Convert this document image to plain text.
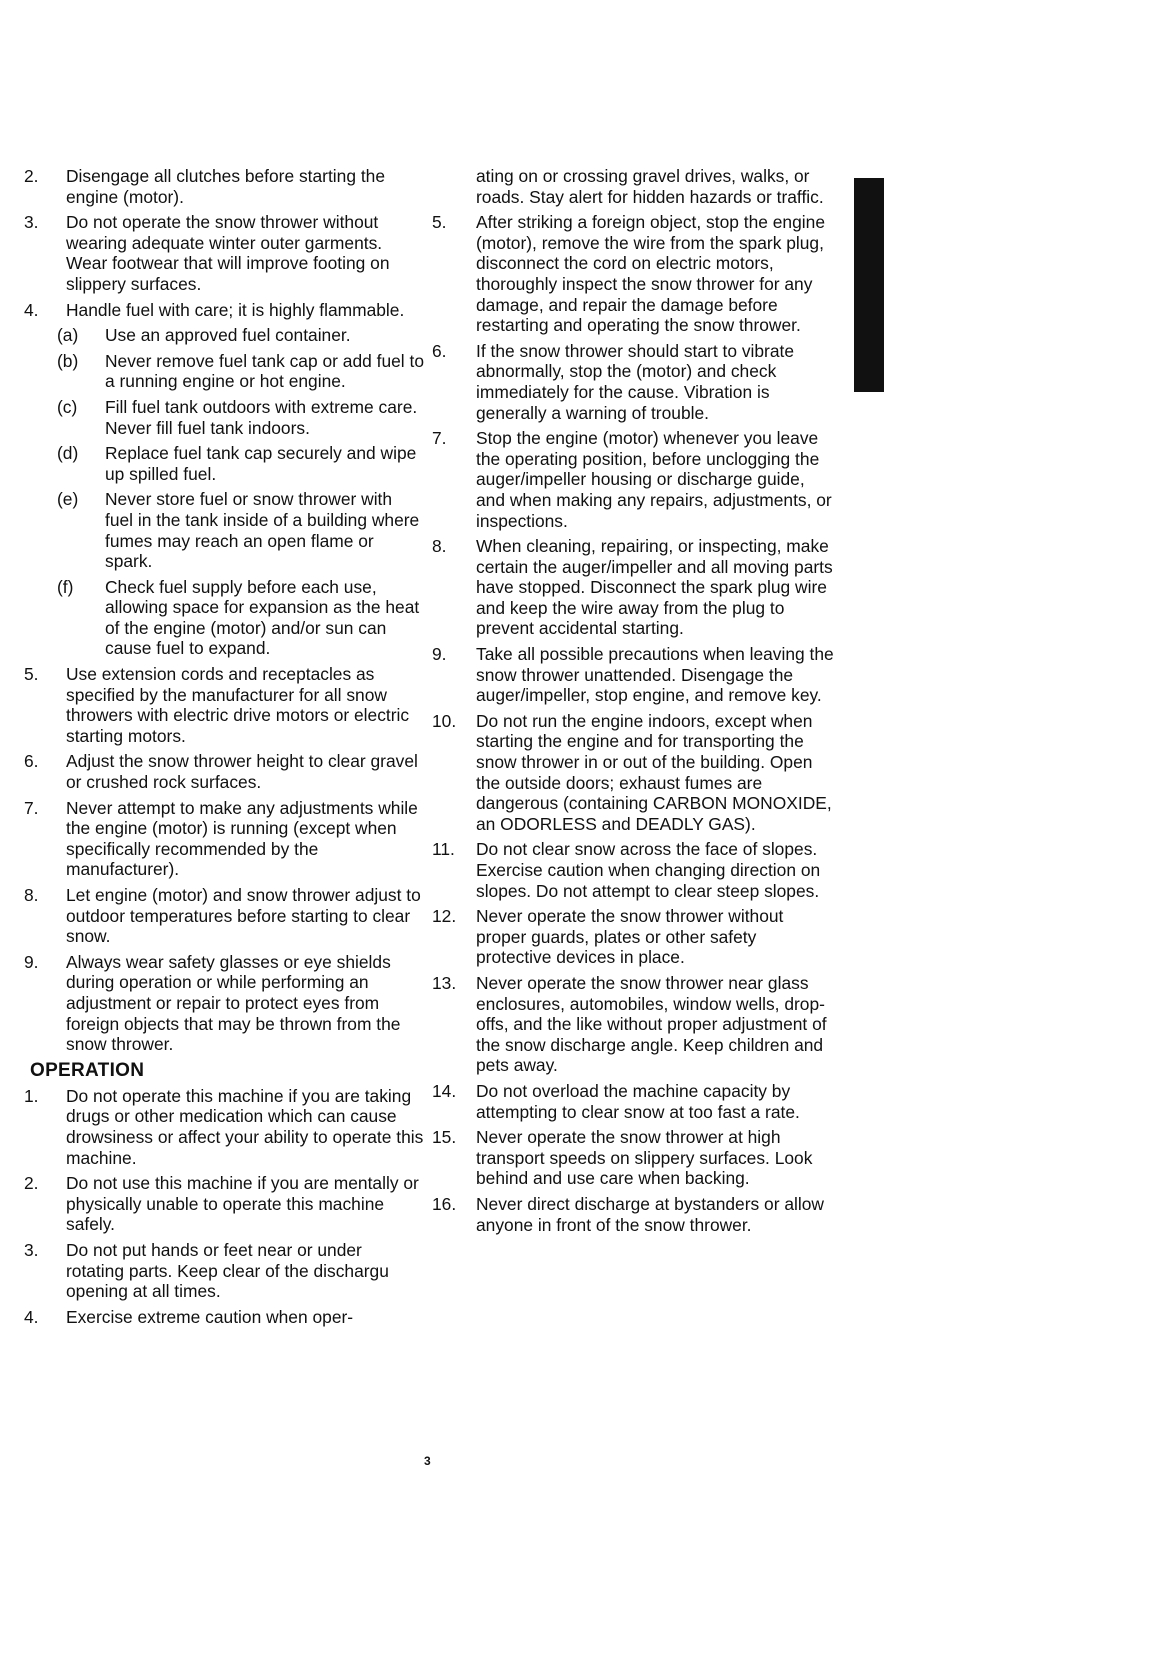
2.	Disengage all clutches before starting the engine (motor).
3.	Do not operate the snow thrower without wearing adequate winter outer garments. Wear footwear that will improve footing on slippery surfaces.
4.	Handle fuel with care; it is highly flammable.
(a)	Use an approved fuel container.
(b)	Never remove fuel tank cap or add fuel to a running engine or hot engine.
(c)	Fill fuel tank outdoors with extreme care. Never fill fuel tank indoors.
(d)	Replace fuel tank cap securely and wipe up spilled fuel.
(e)	Never store fuel or snow thrower with fuel in the tank inside of a building where fumes may reach an open flame or spark.
(f)	Check fuel supply before each use, allowing space for expansion as the heat of the engine (motor) and/or sun can cause fuel to expand.
5.	Use extension cords and receptacles as specified by the manufacturer for all snow throwers with electric drive motors or electric starting motors.
6.	Adjust the snow thrower height to clear gravel or crushed rock surfaces.
7.	Never attempt to make any adjustments while the engine (motor) is running (except when specifically recommended by the manufacturer).
8.	Let engine (motor) and snow thrower adjust to outdoor temperatures before starting to clear snow.
9.	Always wear safety glasses or eye shields during operation or while performing an adjustment or repair to protect eyes from foreign objects that may be thrown from the snow thrower.
OPERATION
1.	Do not operate this machine if you are taking drugs or other medication which can cause drowsiness or affect your ability to operate this machine.
2.	Do not use this machine if you are mentally or physically unable to operate this machine safely.
3.	Do not put hands or feet near or under rotating parts. Keep clear of the dischargu opening at all times.
4.	Exercise extreme caution when oper-
ating on or crossing gravel drives, walks, or roads. Stay alert for hidden hazards or traffic.
5.	After striking a foreign object, stop the engine (motor), remove the wire from the spark plug, disconnect the cord on electric motors, thoroughly inspect the snow thrower for any damage, and repair the damage before restarting and operating the snow thrower.
6.	If the snow thrower should start to vibrate abnormally, stop the (motor) and check immediately for the cause. Vibration is generally a warning of trouble.
7.	Stop the engine (motor) whenever you leave the operating position, before unclogging the auger/impeller housing or discharge guide, and when making any repairs, adjustments, or inspections.
8.	When cleaning, repairing, or inspecting, make certain the auger/impeller and all moving parts have stopped. Disconnect the spark plug wire and keep the wire away from the plug to prevent accidental starting.
9.	Take all possible precautions when leaving the snow thrower unattended. Disengage the auger/impeller, stop engine, and remove key.
10.	Do not run the engine indoors, except when starting the engine and for transporting the snow thrower in or out of the building. Open the outside doors; exhaust fumes are dangerous (containing CARBON MONOXIDE, an ODORLESS and DEADLY GAS).
11.	Do not clear snow across the face of slopes. Exercise caution when changing direction on slopes. Do not attempt to clear steep slopes.
12.	Never operate the snow thrower without proper guards, plates or other safety protective devices in place.
13.	Never operate the snow thrower near glass enclosures, automobiles, window wells, drop-offs, and the like without proper adjustment of the snow discharge angle. Keep children and pets away.
14.	Do not overload the machine capacity by attempting to clear snow at too fast a rate.
15.	Never operate the snow thrower at high transport speeds on slippery surfaces. Look behind and use care when backing.
16.	Never direct discharge at bystanders or allow anyone in front of the snow thrower.
3
